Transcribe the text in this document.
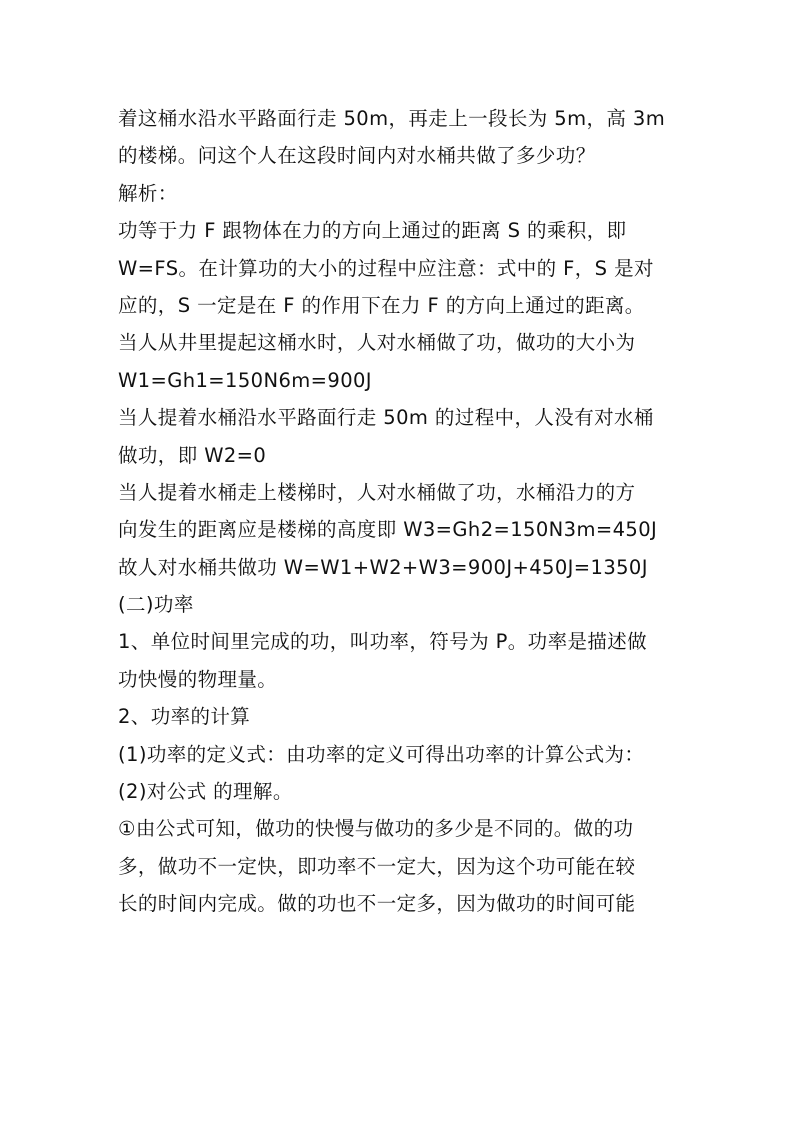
着这桶水沿水平路面行走 50m，再走上一段长为 5m，高 3m
的楼梯。问这个人在这段时间内对水桶共做了多少功？
解析：
功等于力 F 跟物体在力的方向上通过的距离 S 的乘积，即
W=FS。在计算功的大小的过程中应注意：式中的 F，S 是对
应的，S 一定是在 F 的作用下在力 F 的方向上通过的距离。
当人从井里提起这桶水时，人对水桶做了功，做功的大小为
W1=Gh1=150N6m=900J
当人提着水桶沿水平路面行走 50m 的过程中，人没有对水桶
做功，即 W2=0
当人提着水桶走上楼梯时，人对水桶做了功，水桶沿力的方
向发生的距离应是楼梯的高度即 W3=Gh2=150N3m=450J
故人对水桶共做功 W=W1+W2+W3=900J+450J=1350J
(二)功率
1、单位时间里完成的功，叫功率，符号为 P。功率是描述做
功快慢的物理量。
2、功率的计算
(1)功率的定义式：由功率的定义可得出功率的计算公式为：
(2)对公式 的理解。
①由公式可知，做功的快慢与做功的多少是不同的。做的功
多，做功不一定快，即功率不一定大，因为这个功可能在较
长的时间内完成。做的功也不一定多，因为做功的时间可能
